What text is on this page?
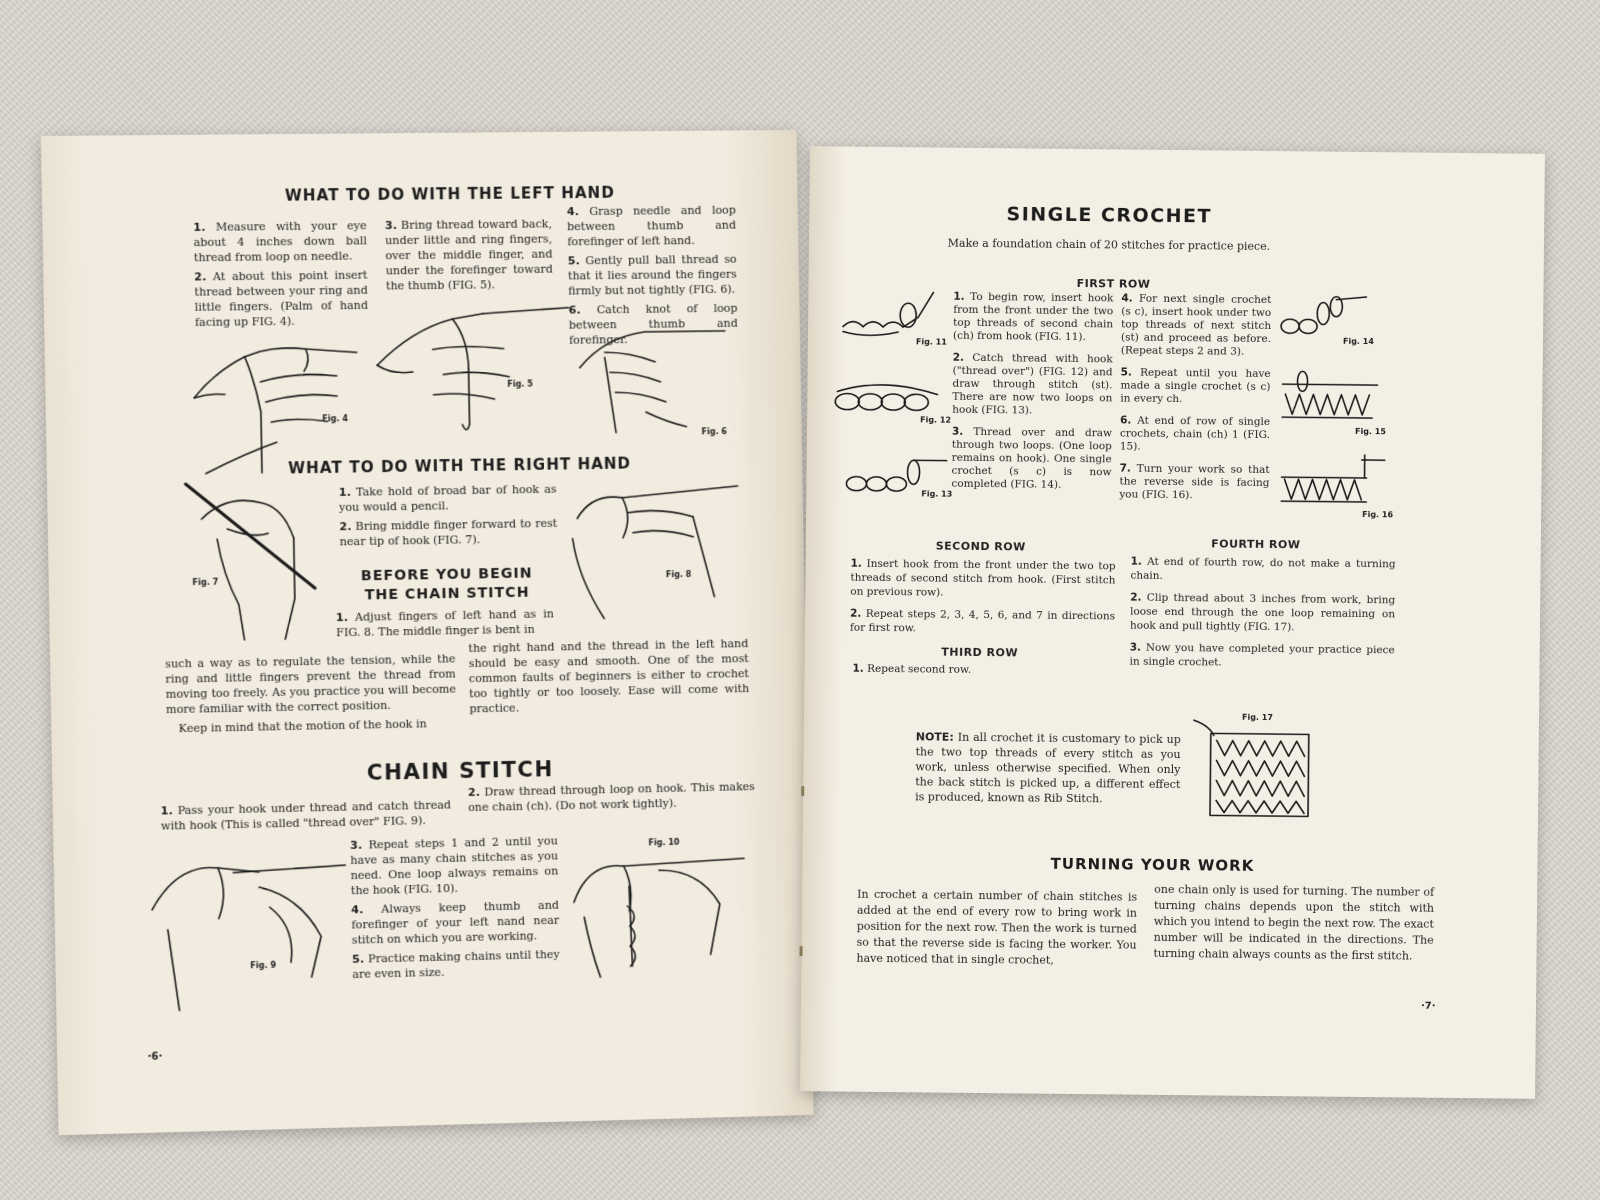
WHAT TO DO WITH THE LEFT HAND

1. Measure with your eye about 4 inches down ball thread from loop on needle.

2. At about this point insert thread between your ring and little fingers. (Palm of hand facing up FIG. 4).

3. Bring thread toward back, under little and ring fingers, over the middle finger, and under the forefinger toward the thumb (FIG. 5).

4. Grasp needle and loop between thumb and forefinger of left hand.

5. Gently pull ball thread so that it lies around the fingers firmly but not tightly (FIG. 6).

6. Catch knot of loop between thumb and forefinger.

Fig. 4
Fig. 5
Fig. 6
WHAT TO DO WITH THE RIGHT HAND
Fig. 7

1. Take hold of broad bar of hook as you would a pencil.

2. Bring middle finger forward to rest near tip of hook (FIG. 7).

Fig. 8
BEFORE YOU BEGIN
THE CHAIN STITCH

1. Adjust fingers of left hand as in FIG. 8. The middle finger is bent in

such a way as to regulate the tension, while the ring and little fingers prevent the thread from moving too freely. As you practice you will become more familiar with the correct position.

Keep in mind that the motion of the hook in

the right hand and the thread in the left hand should be easy and smooth. One of the most common faults of beginners is either to crochet too tightly or too loosely. Ease will come with practice.

CHAIN STITCH

1. Pass your hook under thread and catch thread with hook (This is called "thread over" FIG. 9).

2. Draw thread through loop on hook. This makes one chain (ch). (Do not work tightly).

Fig. 9

3. Repeat steps 1 and 2 until you have as many chain stitches as you need. One loop always remains on the hook (FIG. 10).

4. Always keep thumb and forefinger of your left nand near stitch on which you are working.

5. Practice making chains until they are even in size.

Fig. 10
·6·
SINGLE CROCHET
Make a foundation chain of 20 stitches for practice piece.
FIRST ROW
Fig. 11
Fig. 12
Fig. 13

1. To begin row, insert hook from the front under the two top threads of second chain (ch) from hook (FIG. 11).

2. Catch thread with hook ("thread over") (FIG. 12) and draw through stitch (st). There are now two loops on hook (FIG. 13).

3. Thread over and draw through two loops. (One loop remains on hook). One single crochet (s c) is now completed (FIG. 14).

4. For next single crochet (s c), insert hook under two top threads of next stitch (st) and proceed as before. (Repeat steps 2 and 3).

5. Repeat until you have made a single crochet (s c) in every ch.

6. At end of row of single crochets, chain (ch) 1 (FIG. 15).

7. Turn your work so that the reverse side is facing you (FIG. 16).

Fig. 14
Fig. 15
Fig. 16
SECOND ROW

1. Insert hook from the front under the two top threads of second stitch from hook. (First stitch on previous row).

2. Repeat steps 2, 3, 4, 5, 6, and 7 in directions for first row.

THIRD ROW

1. Repeat second row.

FOURTH ROW

1. At end of fourth row, do not make a turning chain.

2. Clip thread about 3 inches from work, bring loose end through the one loop remaining on hook and pull tightly (FIG. 17).

3. Now you have completed your practice piece in single crochet.

NOTE: In all crochet it is customary to pick up the two top threads of every stitch as you work, unless otherwise specified. When only the back stitch is picked up, a different effect is produced, known as Rib Stitch.
Fig. 17
TURNING YOUR WORK
In crochet a certain number of chain stitches is added at the end of every row to bring work in position for the next row. Then the work is turned so that the reverse side is facing the worker. You have noticed that in single crochet,
one chain only is used for turning. The number of turning chains depends upon the stitch with which you intend to begin the next row. The exact number will be indicated in the directions. The turning chain always counts as the first stitch.
·7·
